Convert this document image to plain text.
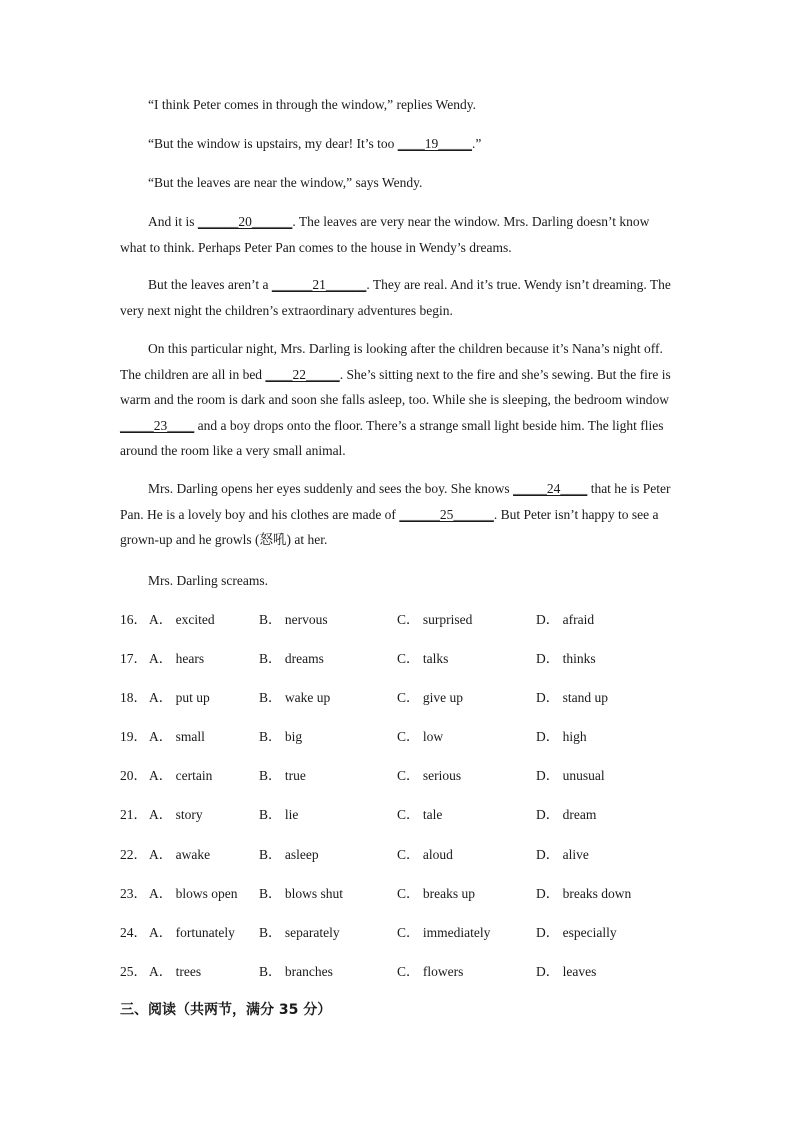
“I think Peter comes in through the window,” replies Wendy.

“But the window is upstairs, my dear! It’s too ____19_____.”

“But the leaves are near the window,” says Wendy.

And it is ______20______. The leaves are very near the window. Mrs. Darling doesn’t know what to think. Perhaps Peter Pan comes to the house in Wendy’s dreams.

But the leaves aren’t a ______21______. They are real. And it’s true. Wendy isn’t dreaming. The very next night the children’s extraordinary adventures begin.

On this particular night, Mrs. Darling is looking after the children because it’s Nana’s night off. The children are all in bed ____22_____. She’s sitting next to the fire and she’s sewing. But the fire is warm and the room is dark and soon she falls asleep, too. While she is sleeping, the bedroom window _____23____ and a boy drops onto the floor. There’s a strange small light beside him. The light flies around the room like a very small animal.

Mrs. Darling opens her eyes suddenly and sees the boy. She knows _____24____ that he is Peter Pan. He is a lovely boy and his clothes are made of ______25______. But Peter isn’t happy to see a grown-up and he growls (怒吼) at her.

Mrs. Darling screams.

16． A． excited	B． nervous	C． surprised	D． afraid
17． A． hears	B． dreams	C． talks	D． thinks
18． A． put up	B． wake up	C． give up	D． stand up
19． A． small	B． big	C． low	D． high
20． A． certain	B． true	C． serious	D． unusual
21． A． story	B． lie	C． tale	D． dream
22． A． awake	B． asleep	C． aloud	D． alive
23． A． blows open B． blows shut	C． breaks up	D． breaks down
24． A． fortunately B． separately	C． immediately	D． especially
25． A． trees	B． branches	C． flowers	D． leaves
三、阅读（共两节，满分 35 分）
